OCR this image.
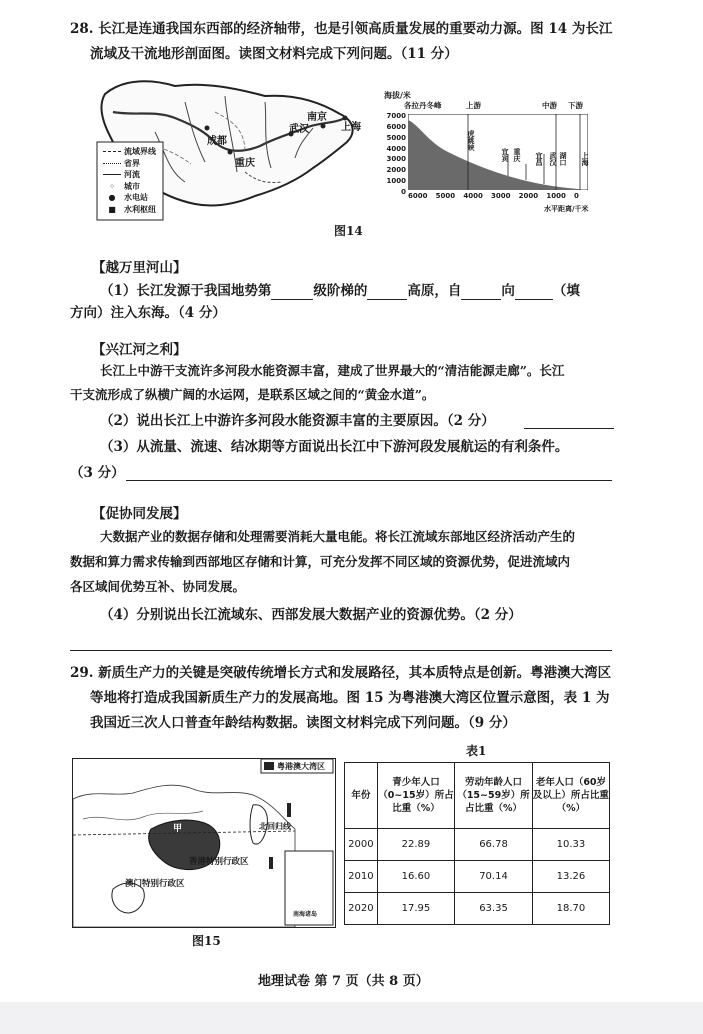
28. 长江是连通我国东西部的经济轴带，也是引领高质量发展的重要动力源。图 14 为长江
流域及干流地形剖面图。读图文材料完成下列问题。（11 分）
流域界线
省界
河流
◦ 城市
● 水电站
■ 水利枢纽
成都
重庆
武汉
南京
上海
海拔/米
各拉丹冬峰	上游	中游 下游
7000
6000
5000
4000
3000
2000
1000
0
虎跳峡
宜宾 重庆 宜昌 武汉 湖口 上海
6000 5000 4000 3000 2000 1000 0
水平距离/千米
图14
【越万里河山】
（1）长江发源于我国地势第	级阶梯的	高原，自	向	（填
方向）注入东海。（4 分）
【兴江河之利】
长江上中游干支流许多河段水能资源丰富，建成了世界最大的“清洁能源走廊”。长江
干支流形成了纵横广阔的水运网，是联系区域之间的“黄金水道”。
（2）说出长江上中游许多河段水能资源丰富的主要原因。（2 分）
（3）从流量、流速、结冰期等方面说出长江中下游河段发展航运的有利条件。
（3 分）
【促协同发展】
大数据产业的数据存储和处理需要消耗大量电能。将长江流域东部地区经济活动产生的
数据和算力需求传输到西部地区存储和计算，可充分发挥不同区域的资源优势，促进流域内
各区域间优势互补、协同发展。
（4）分别说出长江流域东、西部发展大数据产业的资源优势。（2 分）
29. 新质生产力的关键是突破传统增长方式和发展路径，其本质特点是创新。粤港澳大湾区
等地将打造成我国新质生产力的发展高地。图 15 为粤港澳大湾区位置示意图，表 1 为
我国近三次人口普查年龄结构数据。读图文材料完成下列问题。（9 分）
粤港澳大湾区
甲	北回归线
香港特别行政区
澳门特别行政区
南海诸岛
图15
表1
年份	青少年人口（0~15岁）所占比重（%）	劳动年龄人口（15~59岁）所占比重（%）	老年人口（60岁及以上）所占比重（%）
2000	22.89	66.78	10.33
2010	16.60	70.14	13.26
2020	17.95	63.35	18.70
地理试卷 第 7 页（共 8 页）
